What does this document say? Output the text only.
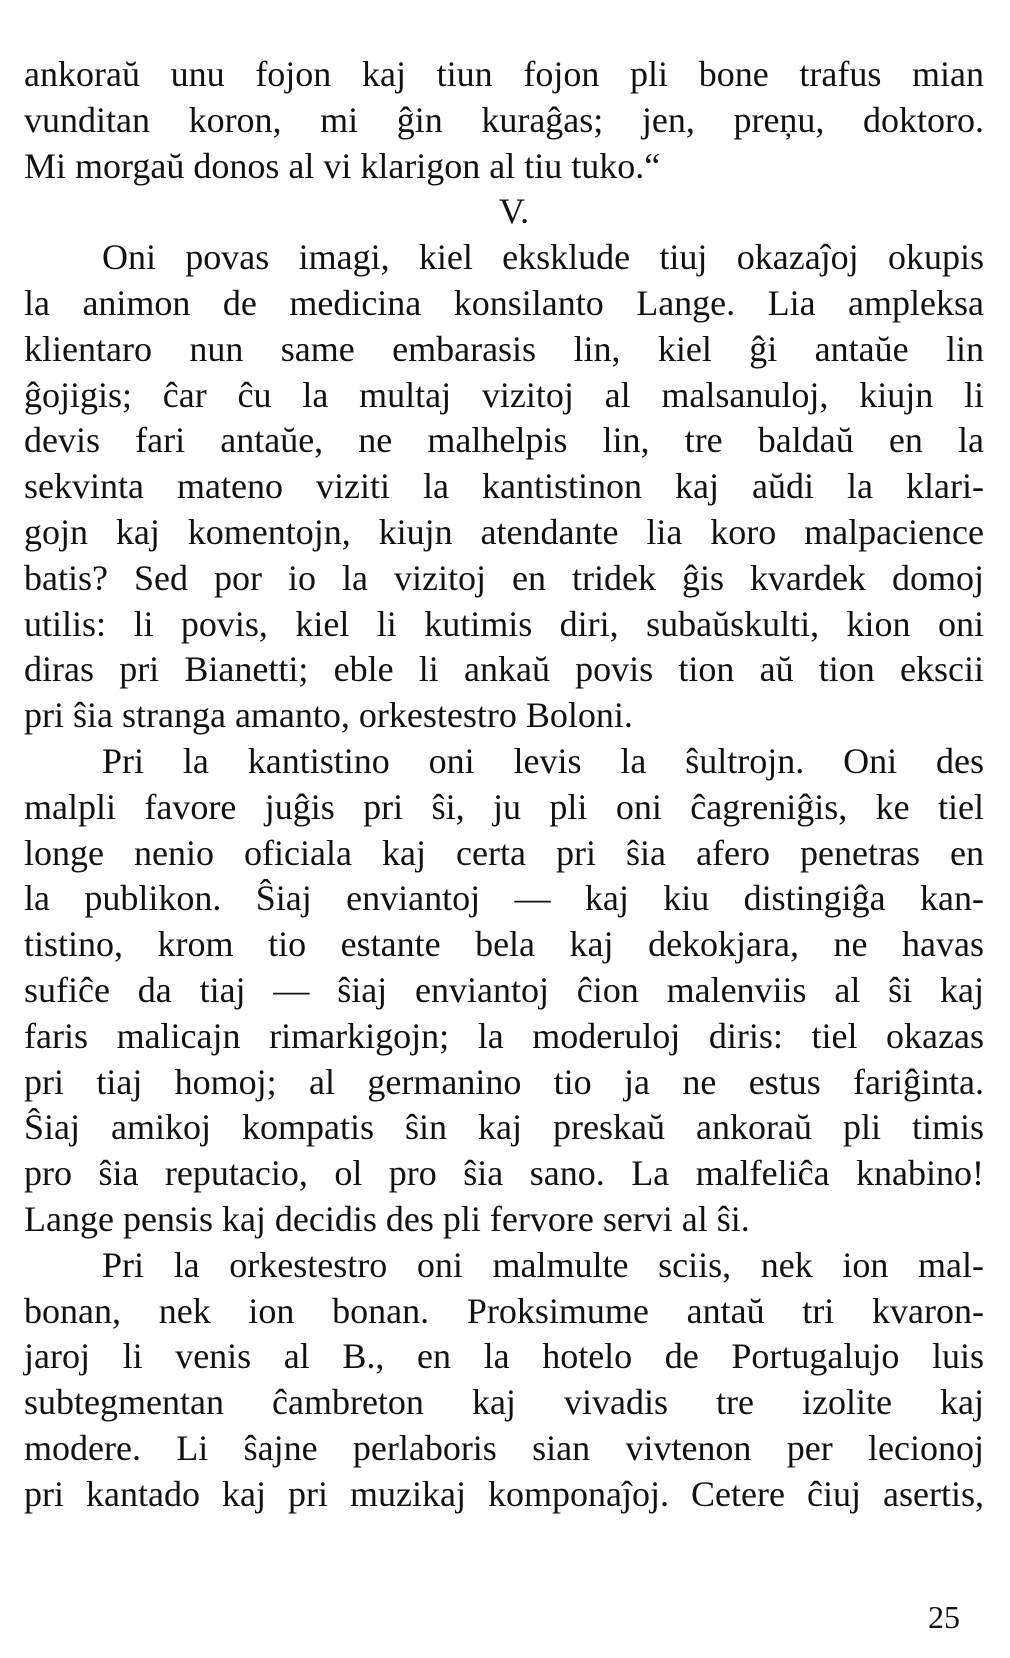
ankoraŭ unu fojon kaj tiun fojon pli bone trafus mian
vunditan koron, mi ĝin kuraĝas; jen, preņu, doktoro.
Mi morgaŭ donos al vi klarigon al tiu tuko.“
V.
Oni povas imagi, kiel eksklude tiuj okazaĵoj okupis
la animon de medicina konsilanto Lange. Lia ampleksa
klientaro nun same embarasis lin, kiel ĝi antaŭe lin
ĝojigis; ĉar ĉu la multaj vizitoj al malsanuloj, kiujn li
devis fari antaŭe, ne malhelpis lin, tre baldaŭ en la
sekvinta mateno viziti la kantistinon kaj aŭdi la klari-
gojn kaj komentojn, kiujn atendante lia koro malpacience
batis? Sed por io la vizitoj en tridek ĝis kvardek domoj
utilis: li povis, kiel li kutimis diri, subaŭskulti, kion oni
diras pri Bianetti; eble li ankaŭ povis tion aŭ tion ekscii
pri ŝia stranga amanto, orkestestro Boloni.
Pri la kantistino oni levis la ŝultrojn. Oni des
malpli favore juĝis pri ŝi, ju pli oni ĉagreniĝis, ke tiel
longe nenio oficiala kaj certa pri ŝia afero penetras en
la publikon. Ŝiaj enviantoj — kaj kiu distingiĝa kan-
tistino, krom tio estante bela kaj dekokjara, ne havas
sufiĉe da tiaj — ŝiaj enviantoj ĉion malenviis al ŝi kaj
faris malicajn rimarkigojn; la moderuloj diris: tiel okazas
pri tiaj homoj; al germanino tio ja ne estus fariĝinta.
Ŝiaj amikoj kompatis ŝin kaj preskaŭ ankoraŭ pli timis
pro ŝia reputacio, ol pro ŝia sano. La malfeliĉa knabino!
Lange pensis kaj decidis des pli fervore servi al ŝi.
Pri la orkestestro oni malmulte sciis, nek ion mal-
bonan, nek ion bonan. Proksimume antaŭ tri kvaron-
jaroj li venis al B., en la hotelo de Portugalujo luis
subtegmentan ĉambreton kaj vivadis tre izolite kaj
modere. Li ŝajne perlaboris sian vivtenon per lecionoj
pri kantado kaj pri muzikaj komponaĵoj. Ceterе ĉiuj asertis,
25
